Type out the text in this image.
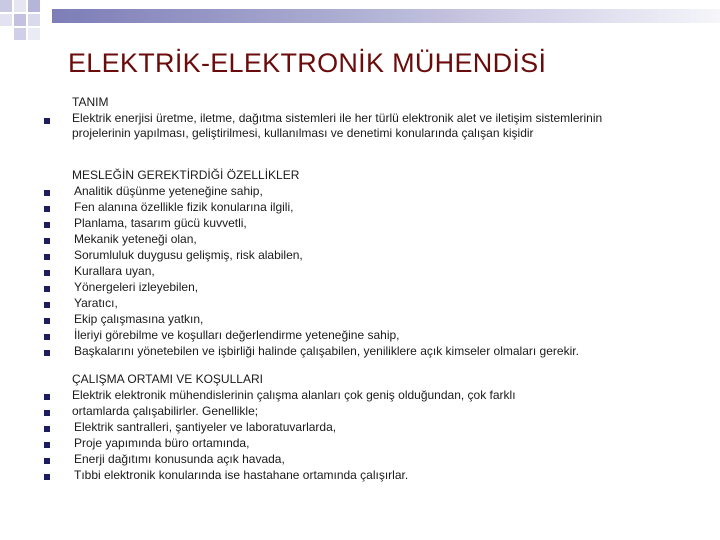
ELEKTRİK-ELEKTRONİK MÜHENDİSİ
TANIM
Elektrik enerjisi üretme, iletme, dağıtma sistemleri ile her türlü elektronik alet ve iletişim sistemlerinin
projelerinin yapılması, geliştirilmesi, kullanılması ve denetimi konularında çalışan kişidir
MESLEĞİN GEREKTİRDİĞİ ÖZELLİKLER
Analitik düşünme yeteneğine sahip,
Fen alanına özellikle fizik konularına ilgili,
Planlama, tasarım gücü kuvvetli,
Mekanik yeteneği olan,
Sorumluluk duygusu gelişmiş, risk alabilen,
Kurallara uyan,
Yönergeleri izleyebilen,
Yaratıcı,
Ekip çalışmasına yatkın,
İleriyi görebilme ve koşulları değerlendirme yeteneğine sahip,
Başkalarını yönetebilen ve işbirliği halinde çalışabilen, yeniliklere açık kimseler olmaları gerekir.
ÇALIŞMA ORTAMI VE KOŞULLARI
Elektrik elektronik mühendislerinin çalışma alanları çok geniş olduğundan, çok farklı
ortamlarda çalışabilirler. Genellikle;
Elektrik santralleri, şantiyeler ve laboratuvarlarda,
Proje yapımında büro ortamında,
Enerji dağıtımı konusunda açık havada,
Tıbbi elektronik konularında ise hastahane ortamında çalışırlar.
